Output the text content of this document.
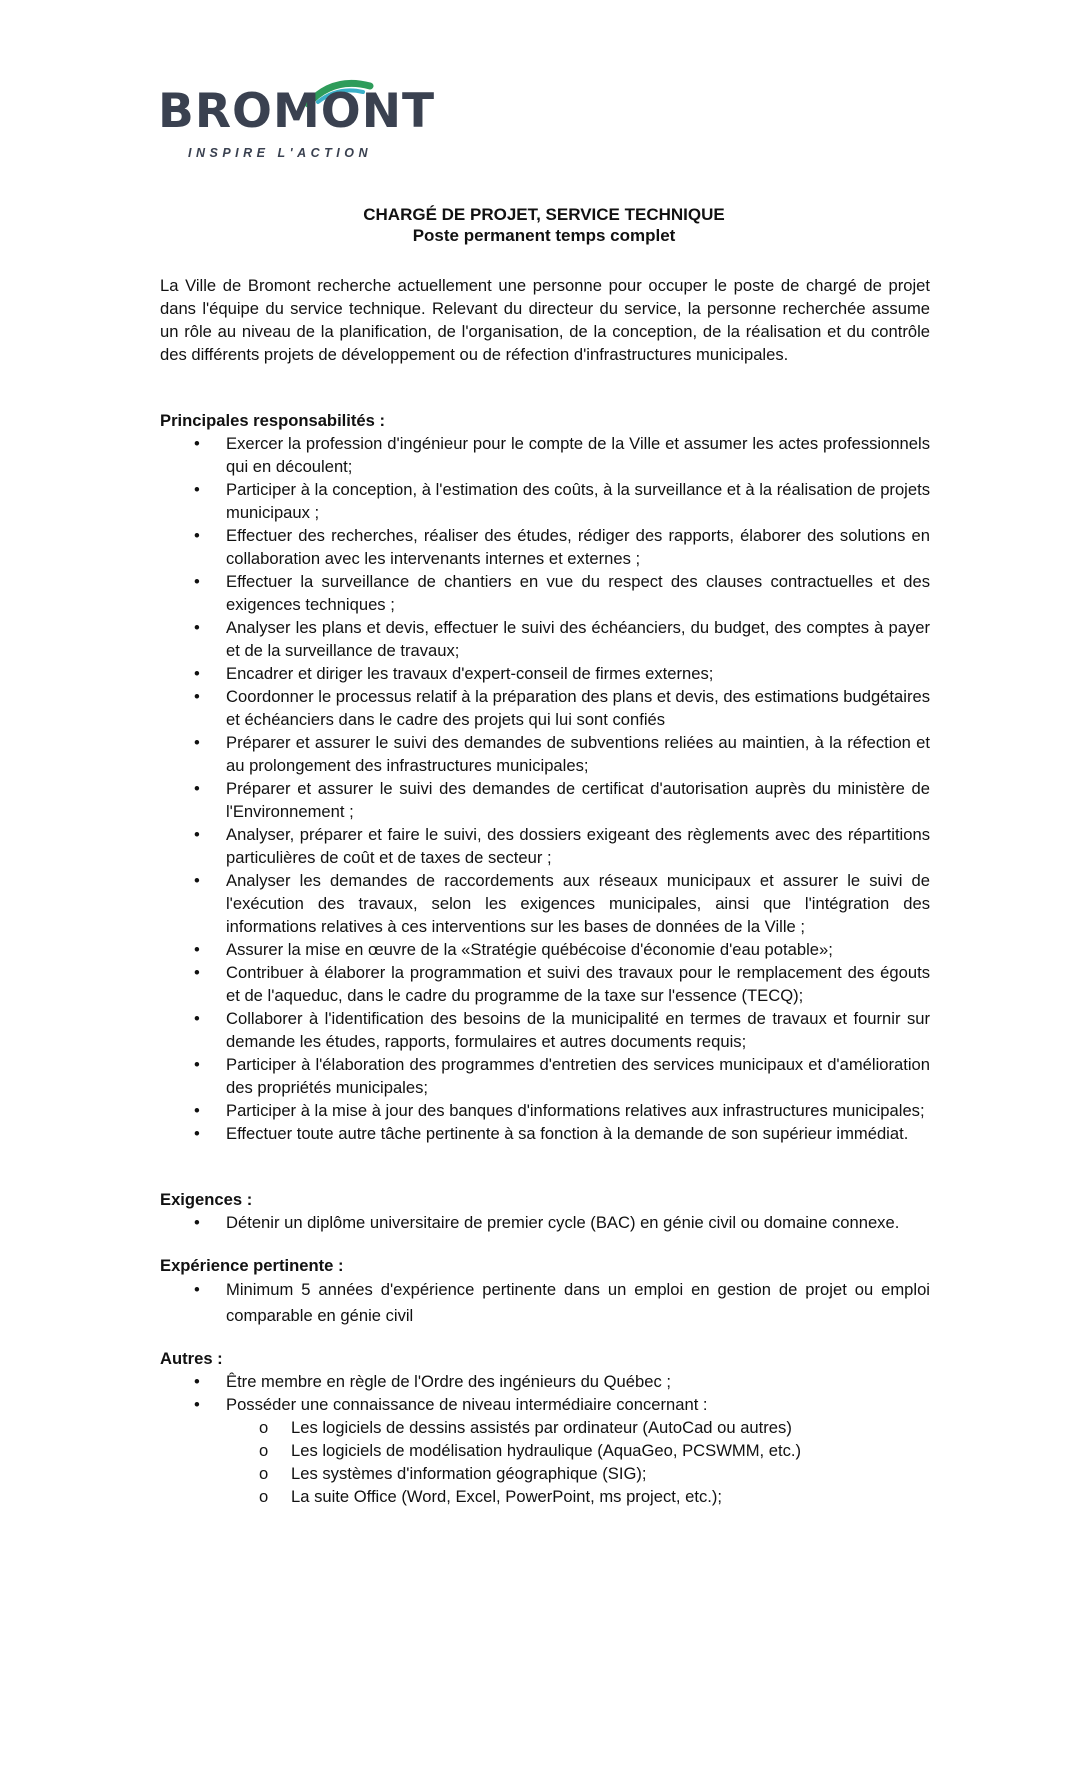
BROMONT
INSPIRE L'ACTION
CHARGÉ DE PROJET, SERVICE TECHNIQUE
Poste permanent temps complet

La Ville de Bromont recherche actuellement une personne pour occuper le poste de chargé de projet dans l'équipe du service technique. Relevant du directeur du service, la personne recherchée assume un rôle au niveau de la planification, de l'organisation, de la conception, de la réalisation et du contrôle des différents projets de développement ou de réfection d'infrastructures municipales.

Principales responsabilités :
• Exercer la profession d'ingénieur pour le compte de la Ville et assumer les actes professionnels qui en découlent;
• Participer à la conception, à l'estimation des coûts, à la surveillance et à la réalisation de projets municipaux ;
• Effectuer des recherches, réaliser des études, rédiger des rapports, élaborer des solutions en collaboration avec les intervenants internes et externes ;
• Effectuer la surveillance de chantiers en vue du respect des clauses contractuelles et des exigences techniques ;
• Analyser les plans et devis, effectuer le suivi des échéanciers, du budget, des comptes à payer et de la surveillance de travaux;
• Encadrer et diriger les travaux d'expert-conseil de firmes externes;
• Coordonner le processus relatif à la préparation des plans et devis, des estimations budgétaires et échéanciers dans le cadre des projets qui lui sont confiés
• Préparer et assurer le suivi des demandes de subventions reliées au maintien, à la réfection et au prolongement des infrastructures municipales;
• Préparer et assurer le suivi des demandes de certificat d'autorisation auprès du ministère de l'Environnement ;
• Analyser, préparer et faire le suivi, des dossiers exigeant des règlements avec des répartitions particulières de coût et de taxes de secteur ;
• Analyser les demandes de raccordements aux réseaux municipaux et assurer le suivi de l'exécution des travaux, selon les exigences municipales, ainsi que l'intégration des informations relatives à ces interventions sur les bases de données de la Ville ;
• Assurer la mise en œuvre de la «Stratégie québécoise d'économie d'eau potable»;
• Contribuer à élaborer la programmation et suivi des travaux pour le remplacement des égouts et de l'aqueduc, dans le cadre du programme de la taxe sur l'essence (TECQ);
• Collaborer à l'identification des besoins de la municipalité en termes de travaux et fournir sur demande les études, rapports, formulaires et autres documents requis;
• Participer à l'élaboration des programmes d'entretien des services municipaux et d'amélioration des propriétés municipales;
• Participer à la mise à jour des banques d'informations relatives aux infrastructures municipales;
• Effectuer toute autre tâche pertinente à sa fonction à la demande de son supérieur immédiat.
Exigences :
• Détenir un diplôme universitaire de premier cycle (BAC) en génie civil ou domaine connexe.
Expérience pertinente :
• Minimum 5 années d'expérience pertinente dans un emploi en gestion de projet ou emploi comparable en génie civil
Autres :
• Être membre en règle de l'Ordre des ingénieurs du Québec ;
• Posséder une connaissance de niveau intermédiaire concernant :
o Les logiciels de dessins assistés par ordinateur (AutoCad ou autres)
o Les logiciels de modélisation hydraulique (AquaGeo, PCSWMM, etc.)
o Les systèmes d'information géographique (SIG);
o La suite Office (Word, Excel, PowerPoint, ms project, etc.);
